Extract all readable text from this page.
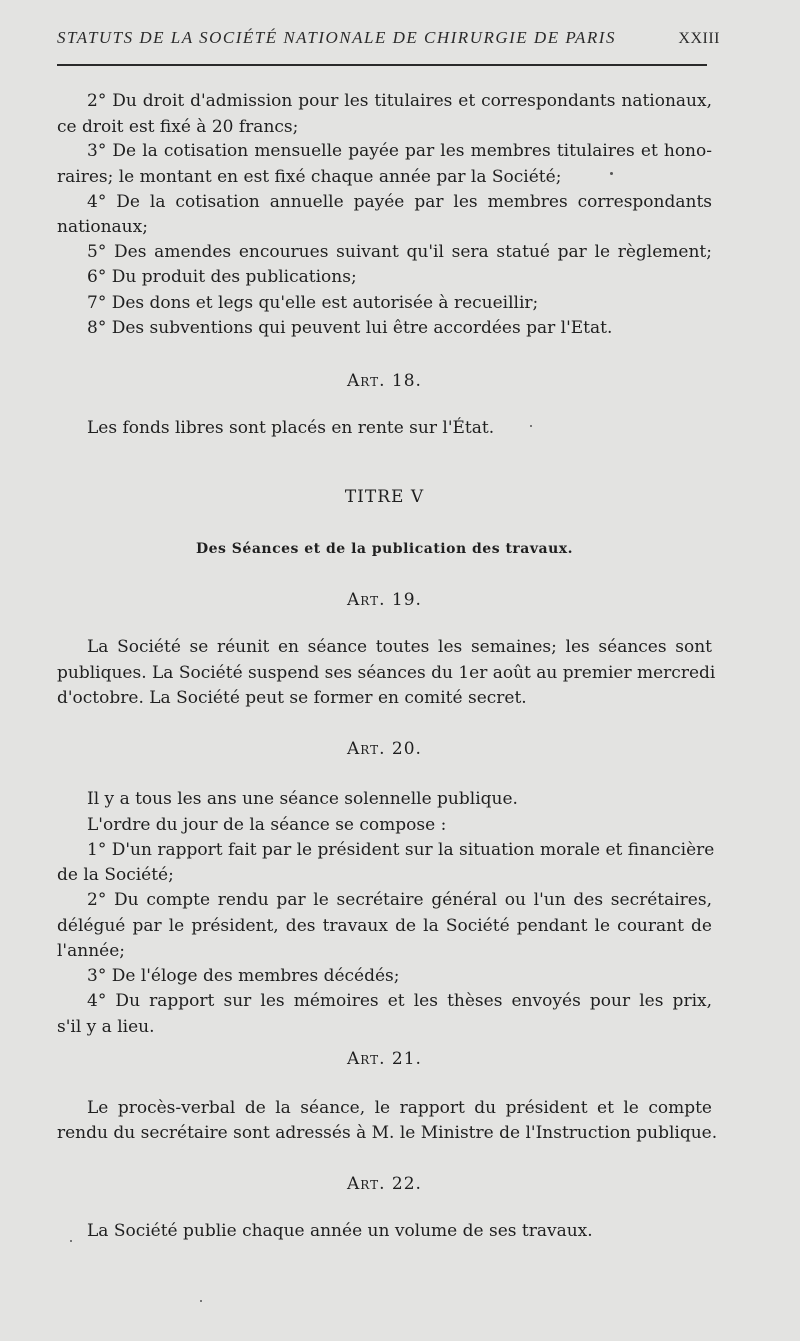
STATUTS DE LA SOCIÉTÉ NATIONALE DE CHIRURGIE DE PARIS	XXIII
2° Du droit d'admission pour les titulaires et correspondants nationaux,
ce droit est fixé à 20 francs;
3° De la cotisation mensuelle payée par les membres titulaires et hono-
raires; le montant en est fixé chaque année par la Société;
4° De la cotisation annuelle payée par les membres correspondants
nationaux;
5° Des amendes encourues suivant qu'il sera statué par le règlement;
6° Du produit des publications;
7° Des dons et legs qu'elle est autorisée à recueillir;
8° Des subventions qui peuvent lui être accordées par l'Etat.
Art. 18.
Les fonds libres sont placés en rente sur l'État.
TITRE V
Des Séances et de la publication des travaux.
Art. 19.
La Société se réunit en séance toutes les semaines; les séances sont
publiques. La Société suspend ses séances du 1er août au premier mercredi
d'octobre. La Société peut se former en comité secret.
Art. 20.
Il y a tous les ans une séance solennelle publique.
L'ordre du jour de la séance se compose :
1° D'un rapport fait par le président sur la situation morale et financière
de la Société;
2° Du compte rendu par le secrétaire général ou l'un des secrétaires,
délégué par le président, des travaux de la Société pendant le courant de
l'année;
3° De l'éloge des membres décédés;
4° Du rapport sur les mémoires et les thèses envoyés pour les prix,
s'il y a lieu.
Art. 21.
Le procès-verbal de la séance, le rapport du président et le compte
rendu du secrétaire sont adressés à M. le Ministre de l'Instruction publique.
Art. 22.
La Société publie chaque année un volume de ses travaux.
